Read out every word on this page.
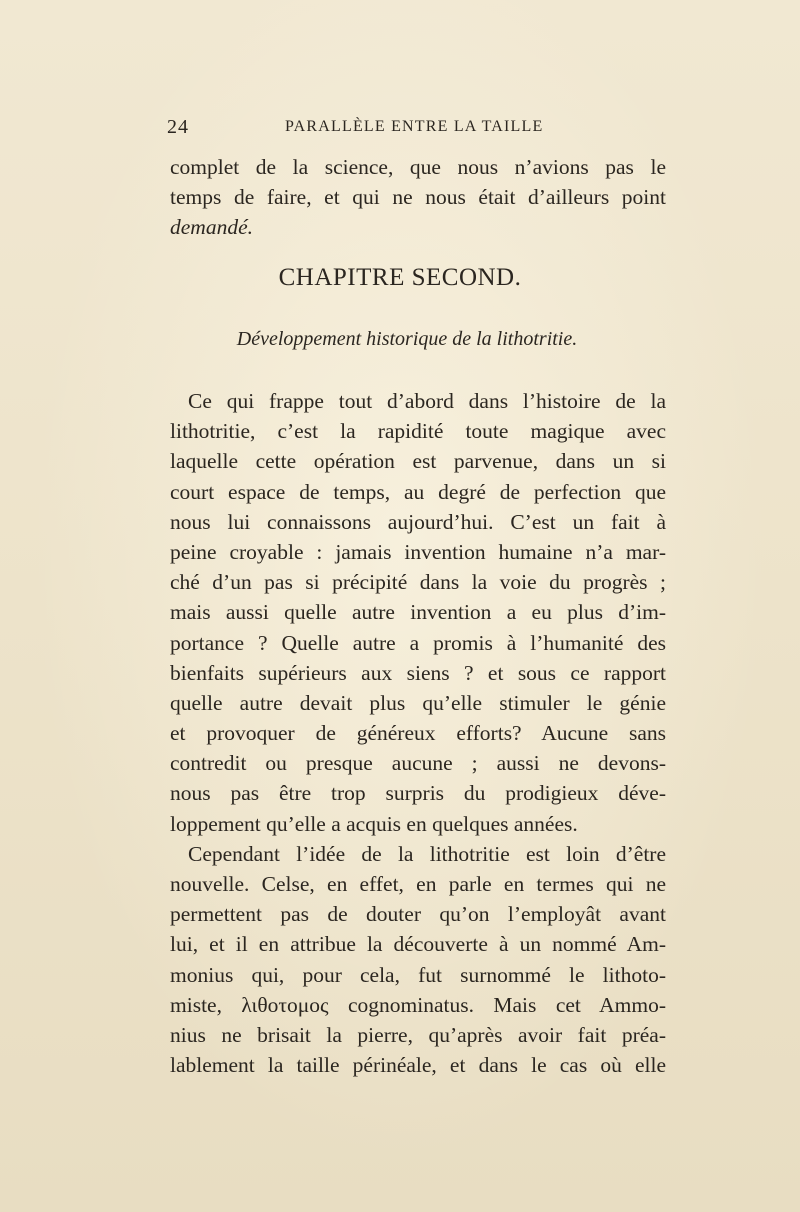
24	PARALLÈLE ENTRE LA TAILLE
complet de la science, que nous n’avions pas le
temps de faire, et qui ne nous était d’ailleurs point
demandé.
CHAPITRE SECOND.
Développement historique de la lithotritie.
Ce qui frappe tout d’abord dans l’histoire de la
lithotritie, c’est la rapidité toute magique avec
laquelle cette opération est parvenue, dans un si
court espace de temps, au degré de perfection que
nous lui connaissons aujourd’hui. C’est un fait à
peine croyable : jamais invention humaine n’a mar-
ché d’un pas si précipité dans la voie du progrès ;
mais aussi quelle autre invention a eu plus d’im-
portance ? Quelle autre a promis à l’humanité des
bienfaits supérieurs aux siens ? et sous ce rapport
quelle autre devait plus qu’elle stimuler le génie
et provoquer de généreux efforts? Aucune sans
contredit ou presque aucune ; aussi ne devons-
nous pas être trop surpris du prodigieux déve-
loppement qu’elle a acquis en quelques années.
Cependant l’idée de la lithotritie est loin d’être
nouvelle. Celse, en effet, en parle en termes qui ne
permettent pas de douter qu’on l’employât avant
lui, et il en attribue la découverte à un nommé Am-
monius qui, pour cela, fut surnommé le lithoto-
miste, λιθοτομος cognominatus. Mais cet Ammo-
nius ne brisait la pierre, qu’après avoir fait préa-
lablement la taille périnéale, et dans le cas où elle
